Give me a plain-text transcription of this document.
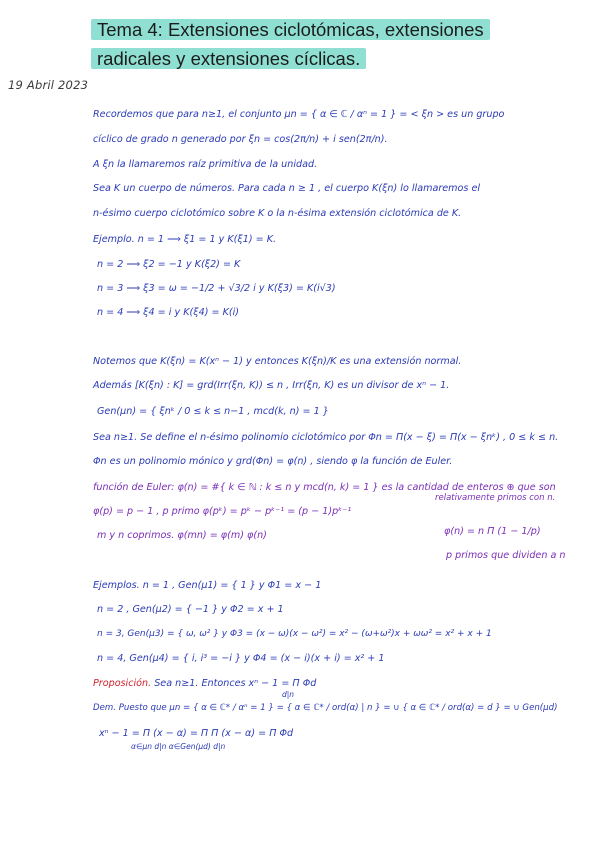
Tema 4: Extensiones ciclotómicas, extensiones
radicales y extensiones cíclicas.
19 Abril 2023
Recordemos que para n≥1, el conjunto μn = { α ∈ ℂ / αⁿ = 1 } = < ξn > es un grupo
cíclico de grado n generado por ξn = cos(2π/n) + i sen(2π/n).
A ξn la llamaremos raíz primitiva de la unidad.
Sea K un cuerpo de números. Para cada n ≥ 1 , el cuerpo K(ξn) lo llamaremos el
n-ésimo cuerpo ciclotómico sobre K o la n-ésima extensión ciclotómica de K.
Ejemplo. n = 1 ⟹ ξ1 = 1 y K(ξ1) = K.
n = 2 ⟹ ξ2 = −1 y K(ξ2) = K
n = 3 ⟹ ξ3 = ω = −1/2 + √3/2 i y K(ξ3) = K(i√3)
n = 4 ⟹ ξ4 = i y K(ξ4) = K(i)
Notemos que K(ξn) = K(xⁿ − 1) y entonces K(ξn)/K es una extensión normal.
Además [K(ξn) : K] = grd(Irr(ξn, K)) ≤ n , Irr(ξn, K) es un divisor de xⁿ − 1.
Gen(μn) = { ξnᵏ / 0 ≤ k ≤ n−1 , mcd(k, n) = 1 }
Sea n≥1. Se define el n-ésimo polinomio ciclotómico por Φn = Π(x − ξ) = Π(x − ξnᵏ) , 0 ≤ k ≤ n.
Φn es un polinomio mónico y grd(Φn) = φ(n) , siendo φ la función de Euler.
función de Euler: φ(n) = #{ k ∈ ℕ : k ≤ n y mcd(n, k) = 1 } es la cantidad de enteros ⊕ que son
relativamente primos con n.
φ(p) = p − 1 , p primo φ(pᵏ) = pᵏ − pᵏ⁻¹ = (p − 1)pᵏ⁻¹
φ(n) = n Π (1 − 1/p)
m y n coprimos. φ(mn) = φ(m) φ(n)
p primos que dividen a n
Ejemplos. n = 1 , Gen(μ1) = { 1 } y Φ1 = x − 1
n = 2 , Gen(μ2) = { −1 } y Φ2 = x + 1
n = 3, Gen(μ3) = { ω, ω² } y Φ3 = (x − ω)(x − ω²) = x² − (ω+ω²)x + ωω² = x² + x + 1
n = 4, Gen(μ4) = { i, i³ = −i } y Φ4 = (x − i)(x + i) = x² + 1
Proposición. Sea n≥1. Entonces xⁿ − 1 = Π Φd
d|n
Dem. Puesto que μn = { α ∈ ℂ* / αⁿ = 1 } = { α ∈ ℂ* / ord(α) | n } = ∪ { α ∈ ℂ* / ord(α) = d } = ∪ Gen(μd)
xⁿ − 1 = Π (x − α) = Π Π (x − α) = Π Φd
α∈μn d|n α∈Gen(μd) d|n
